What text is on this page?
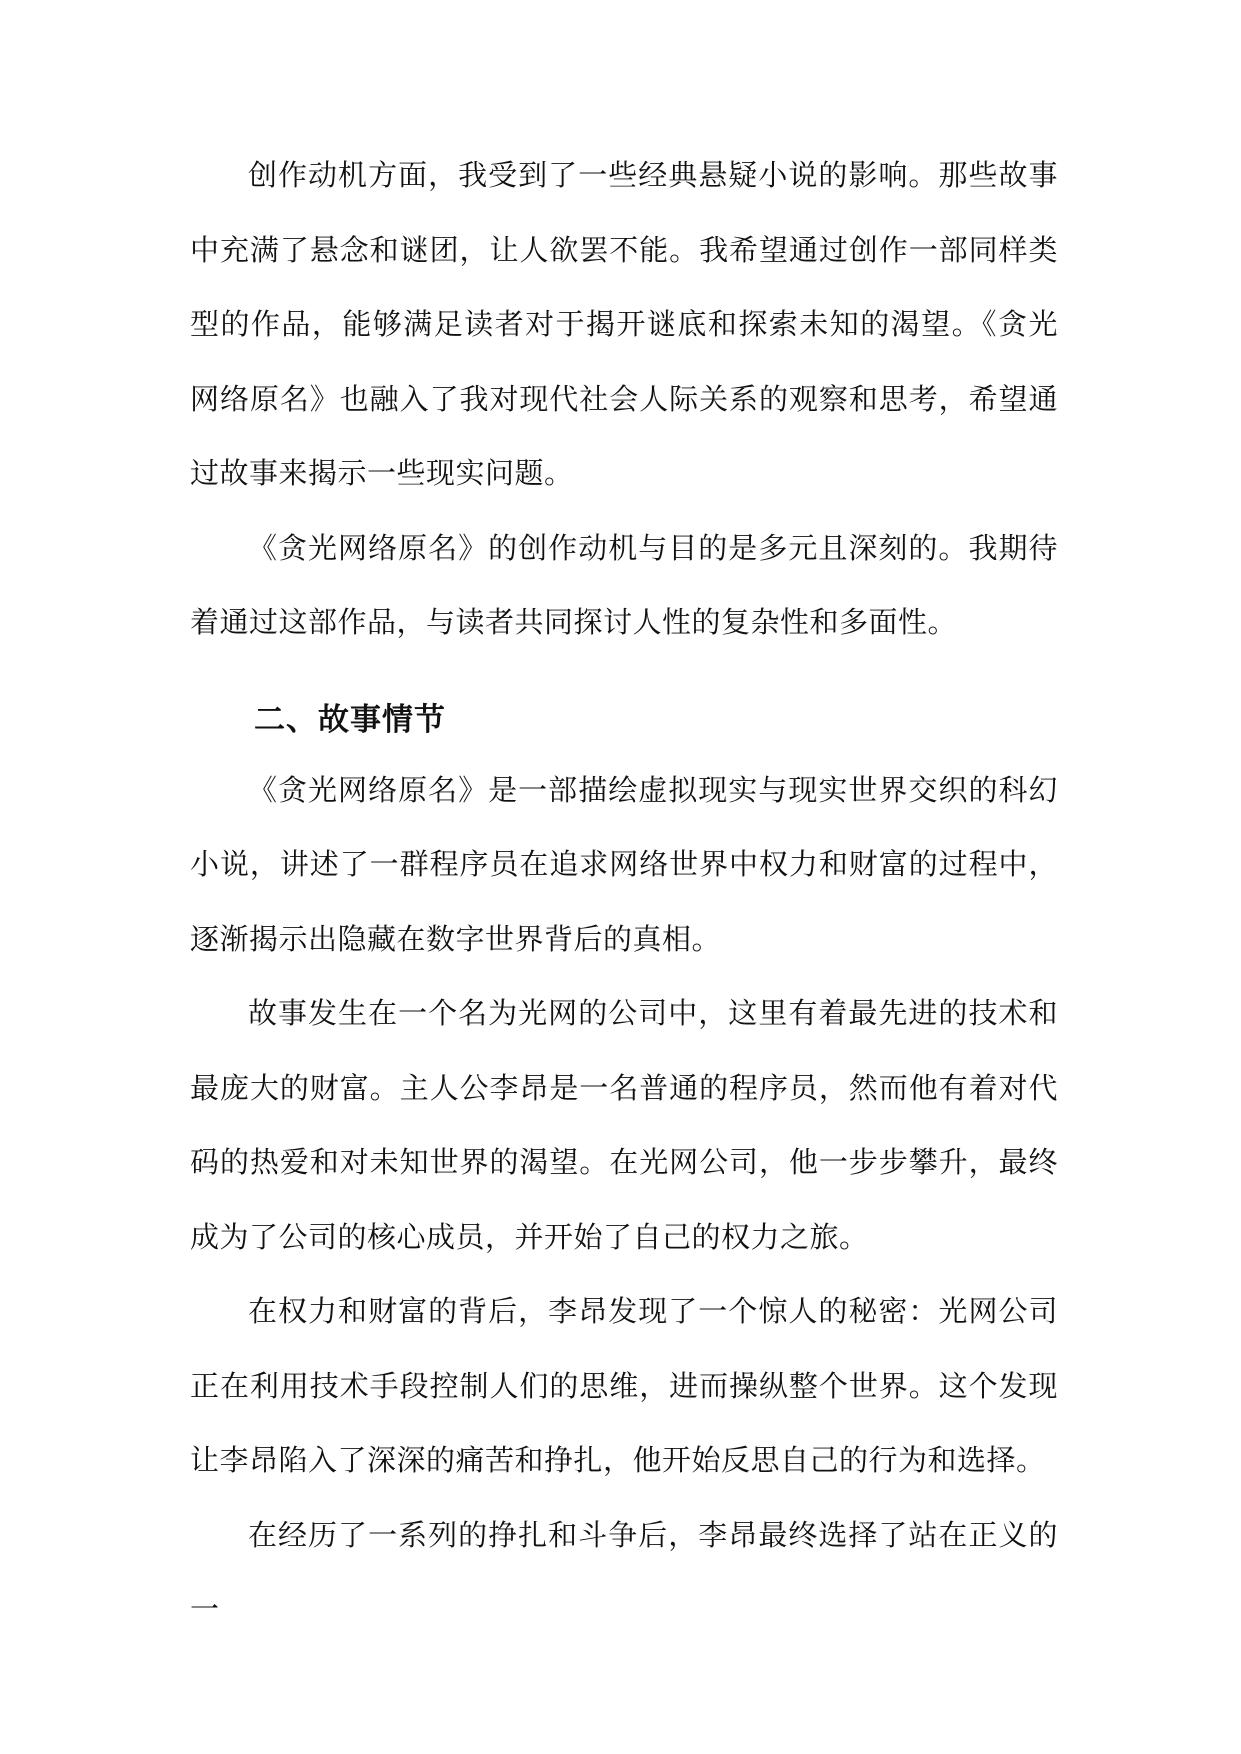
创作动机方面，我受到了一些经典悬疑小说的影响。那些故事中充满了悬念和谜团，让人欲罢不能。我希望通过创作一部同样类型的作品，能够满足读者对于揭开谜底和探索未知的渴望。《贪光网络原名》也融入了我对现代社会人际关系的观察和思考，希望通过故事来揭示一些现实问题。

《贪光网络原名》的创作动机与目的是多元且深刻的。我期待着通过这部作品，与读者共同探讨人性的复杂性和多面性。

二、故事情节

《贪光网络原名》是一部描绘虚拟现实与现实世界交织的科幻小说，讲述了一群程序员在追求网络世界中权力和财富的过程中，逐渐揭示出隐藏在数字世界背后的真相。

故事发生在一个名为光网的公司中，这里有着最先进的技术和最庞大的财富。主人公李昂是一名普通的程序员，然而他有着对代码的热爱和对未知世界的渴望。在光网公司，他一步步攀升，最终成为了公司的核心成员，并开始了自己的权力之旅。

在权力和财富的背后，李昂发现了一个惊人的秘密：光网公司正在利用技术手段控制人们的思维，进而操纵整个世界。这个发现让李昂陷入了深深的痛苦和挣扎，他开始反思自己的行为和选择。

在经历了一系列的挣扎和斗争后，李昂最终选择了站在正义的一
